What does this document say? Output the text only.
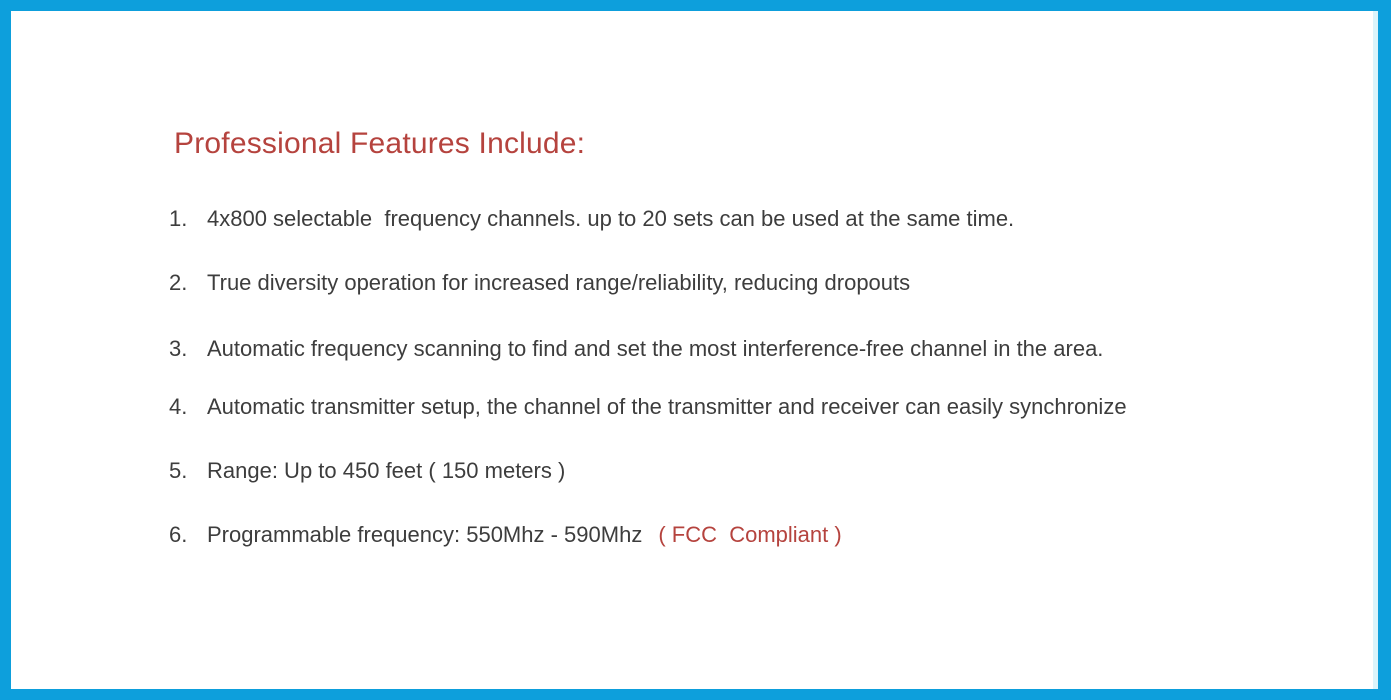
Professional Features Include:
1. 4x800 selectable  frequency channels. up to 20 sets can be used at the same time.
2. True diversity operation for increased range/reliability, reducing dropouts
3. Automatic frequency scanning to find and set the most interference-free channel in the area.
4. Automatic transmitter setup, the channel of the transmitter and receiver can easily synchronize
5. Range: Up to 450 feet ( 150 meters )
6. Programmable frequency: 550Mhz - 590Mhz ( FCC  Compliant )
